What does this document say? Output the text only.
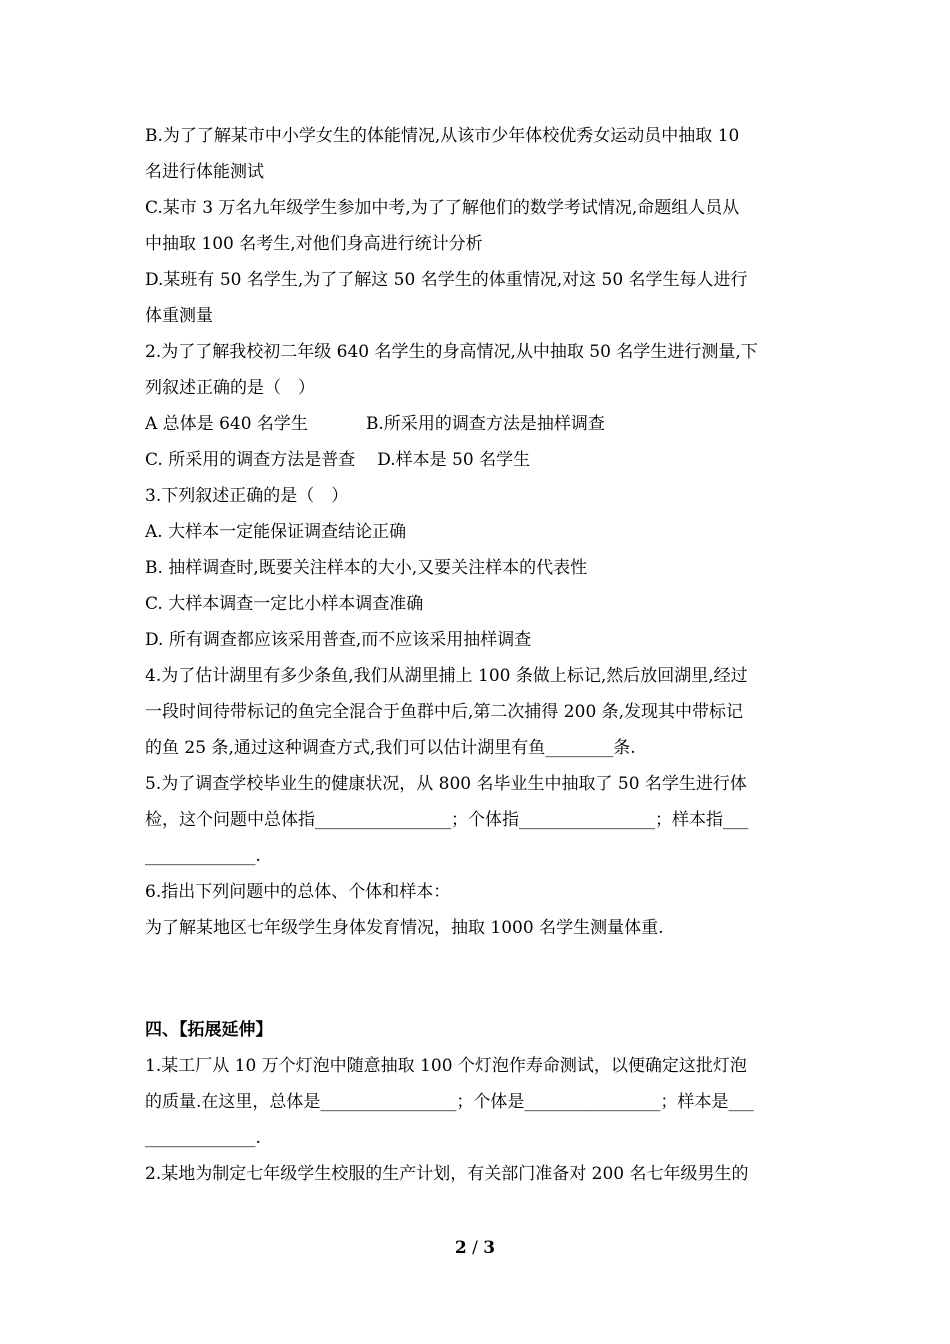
B.为了了解某市中小学女生的体能情况,从该市少年体校优秀女运动员中抽取 10
名进行体能测试
C.某市 3 万名九年级学生参加中考,为了了解他们的数学考试情况,命题组人员从
中抽取 100 名考生,对他们身高进行统计分析
D.某班有 50 名学生,为了了解这 50 名学生的体重情况,对这 50 名学生每人进行
体重测量
2.为了了解我校初二年级 640 名学生的身高情况,从中抽取 50 名学生进行测量,下
列叙述正确的是（　）
A 总体是 640 名学生	B.所采用的调查方法是抽样调查
C. 所采用的调查方法是普查 D.样本是 50 名学生
3.下列叙述正确的是（　）
A. 大样本一定能保证调查结论正确
B. 抽样调查时,既要关注样本的大小,又要关注样本的代表性
C. 大样本调查一定比小样本调查准确
D. 所有调查都应该采用普查,而不应该采用抽样调查
4.为了估计湖里有多少条鱼,我们从湖里捕上 100 条做上标记,然后放回湖里,经过
一段时间待带标记的鱼完全混合于鱼群中后,第二次捕得 200 条,发现其中带标记
的鱼 25 条,通过这种调查方式,我们可以估计湖里有鱼________条.
5.为了调查学校毕业生的健康状况，从 800 名毕业生中抽取了 50 名学生进行体
检，这个问题中总体指________________；个体指________________；样本指___
_____________.
6.指出下列问题中的总体、个体和样本：
为了解某地区七年级学生身体发育情况，抽取 1000 名学生测量体重.
四、【拓展延伸】
1.某工厂从 10 万个灯泡中随意抽取 100 个灯泡作寿命测试，以便确定这批灯泡
的质量.在这里，总体是________________；个体是________________；样本是___
_____________.
2.某地为制定七年级学生校服的生产计划，有关部门准备对 200 名七年级男生的
2 / 3
